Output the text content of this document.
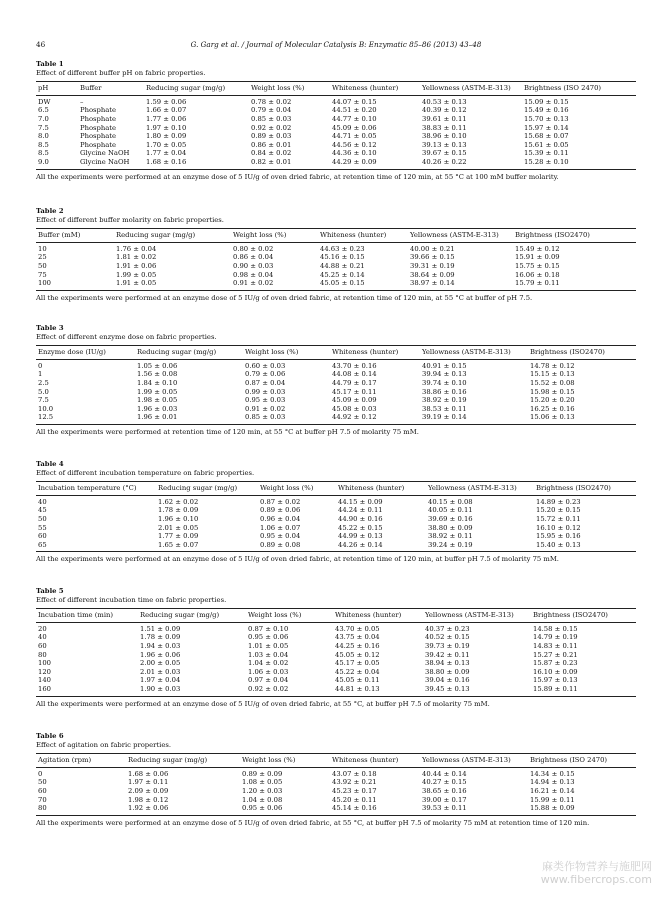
46	G. Garg et al. / Journal of Molecular Catalysis B: Enzymatic 85–86 (2013) 43–48
Table 1
Effect of different buffer pH on fabric properties.
pH	Buffer	Reducing sugar (mg/g)	Weight loss (%)	Whiteness (hunter)	Yellowness (ASTM-E-313)	Brightness (ISO 2470)
DW	–	1.59 ± 0.06	0.78 ± 0.02	44.07 ± 0.15	40.53 ± 0.13	15.09 ± 0.15
6.5	Phosphate	1.66 ± 0.07	0.79 ± 0.04	44.51 ± 0.20	40.39 ± 0.12	15.49 ± 0.16
7.0	Phosphate	1.77 ± 0.06	0.85 ± 0.03	44.77 ± 0.10	39.61 ± 0.11	15.70 ± 0.13
7.5	Phosphate	1.97 ± 0.10	0.92 ± 0.02	45.09 ± 0.06	38.83 ± 0.11	15.97 ± 0.14
8.0	Phosphate	1.80 ± 0.09	0.89 ± 0.03	44.71 ± 0.05	38.96 ± 0.10	15.68 ± 0.07
8.5	Phosphate	1.70 ± 0.05	0.86 ± 0.01	44.56 ± 0.12	39.13 ± 0.13	15.61 ± 0.05
8.5	Glycine NaOH	1.77 ± 0.04	0.84 ± 0.02	44.36 ± 0.10	39.67 ± 0.15	15.39 ± 0.11
9.0	Glycine NaOH	1.68 ± 0.16	0.82 ± 0.01	44.29 ± 0.09	40.26 ± 0.22	15.28 ± 0.10
All the experiments were performed at an enzyme dose of 5 IU/g of oven dried fabric, at retention time of 120 min, at 55 °C at 100 mM buffer molarity.
Table 2
Effect of different buffer molarity on fabric properties.
Buffer (mM)	Reducing sugar (mg/g)	Weight loss (%)	Whiteness (hunter)	Yellowness (ASTM-E-313)	Brightness (ISO2470)
10	1.76 ± 0.04	0.80 ± 0.02	44.63 ± 0.23	40.00 ± 0.21	15.49 ± 0.12
25	1.81 ± 0.02	0.86 ± 0.04	45.16 ± 0.15	39.66 ± 0.15	15.91 ± 0.09
50	1.91 ± 0.06	0.90 ± 0.03	44.88 ± 0.21	39.31 ± 0.19	15.75 ± 0.15
75	1.99 ± 0.05	0.98 ± 0.04	45.25 ± 0.14	38.64 ± 0.09	16.06 ± 0.18
100	1.91 ± 0.05	0.91 ± 0.02	45.05 ± 0.15	38.97 ± 0.14	15.79 ± 0.11
All the experiments were performed at an enzyme dose of 5 IU/g of oven dried fabric, at retention time of 120 min, at 55 °C at buffer of pH 7.5.
Table 3
Effect of different enzyme dose on fabric properties.
Enzyme dose (IU/g)	Reducing sugar (mg/g)	Weight loss (%)	Whiteness (hunter)	Yellowness (ASTM-E-313)	Brightness (ISO2470)
0	1.05 ± 0.06	0.60 ± 0.03	43.70 ± 0.16	40.91 ± 0.15	14.78 ± 0.12
1	1.56 ± 0.08	0.79 ± 0.06	44.08 ± 0.14	39.94 ± 0.13	15.15 ± 0.13
2.5	1.84 ± 0.10	0.87 ± 0.04	44.79 ± 0.17	39.74 ± 0.10	15.52 ± 0.08
5.0	1.99 ± 0.05	0.99 ± 0.03	45.17 ± 0.11	38.86 ± 0.16	15.98 ± 0.15
7.5	1.98 ± 0.05	0.95 ± 0.03	45.09 ± 0.09	38.92 ± 0.19	15.20 ± 0.20
10.0	1.96 ± 0.03	0.91 ± 0.02	45.08 ± 0.03	38.53 ± 0.11	16.25 ± 0.16
12.5	1.96 ± 0.01	0.85 ± 0.03	44.92 ± 0.12	39.19 ± 0.14	15.06 ± 0.13
All the experiments were performed at retention time of 120 min, at 55 °C at buffer pH 7.5 of molarity 75 mM.
Table 4
Effect of different incubation temperature on fabric properties.
Incubation temperature (°C)	Reducing sugar (mg/g)	Weight loss (%)	Whiteness (hunter)	Yellowness (ASTM-E-313)	Brightness (ISO2470)
40	1.62 ± 0.02	0.87 ± 0.02	44.15 ± 0.09	40.15 ± 0.08	14.89 ± 0.23
45	1.78 ± 0.09	0.89 ± 0.06	44.24 ± 0.11	40.05 ± 0.11	15.20 ± 0.15
50	1.96 ± 0.10	0.96 ± 0.04	44.90 ± 0.16	39.69 ± 0.16	15.72 ± 0.11
55	2.01 ± 0.05	1.06 ± 0.07	45.22 ± 0.15	38.80 ± 0.09	16.10 ± 0.12
60	1.77 ± 0.09	0.95 ± 0.04	44.99 ± 0.13	38.92 ± 0.11	15.95 ± 0.16
65	1.65 ± 0.07	0.89 ± 0.08	44.26 ± 0.14	39.24 ± 0.19	15.40 ± 0.13
All the experiments were performed at an enzyme dose of 5 IU/g of oven dried fabric, at retention time of 120 min, at buffer pH 7.5 of molarity 75 mM.
Table 5
Effect of different incubation time on fabric properties.
Incubation time (min)	Reducing sugar (mg/g)	Weight loss (%)	Whiteness (hunter)	Yellowness (ASTM-E-313)	Brightness (ISO2470)
20	1.51 ± 0.09	0.87 ± 0.10	43.70 ± 0.05	40.37 ± 0.23	14.58 ± 0.15
40	1.78 ± 0.09	0.95 ± 0.06	43.75 ± 0.04	40.52 ± 0.15	14.79 ± 0.19
60	1.94 ± 0.03	1.01 ± 0.05	44.25 ± 0.16	39.73 ± 0.19	14.83 ± 0.11
80	1.96 ± 0.06	1.03 ± 0.04	45.05 ± 0.12	39.42 ± 0.11	15.27 ± 0.21
100	2.00 ± 0.05	1.04 ± 0.02	45.17 ± 0.05	38.94 ± 0.13	15.87 ± 0.23
120	2.01 ± 0.03	1.06 ± 0.03	45.22 ± 0.04	38.80 ± 0.09	16.10 ± 0.09
140	1.97 ± 0.04	0.97 ± 0.04	45.05 ± 0.11	39.04 ± 0.16	15.97 ± 0.13
160	1.90 ± 0.03	0.92 ± 0.02	44.81 ± 0.13	39.45 ± 0.13	15.89 ± 0.11
All the experiments were performed at an enzyme dose of 5 IU/g of oven dried fabric, at 55 °C, at buffer pH 7.5 of molarity 75 mM.
Table 6
Effect of agitation on fabric properties.
Agitation (rpm)	Reducing sugar (mg/g)	Weight loss (%)	Whiteness (hunter)	Yellowness (ASTM-E-313)	Brightness (ISO 2470)
0	1.68 ± 0.06	0.89 ± 0.09	43.07 ± 0.18	40.44 ± 0.14	14.34 ± 0.15
50	1.97 ± 0.11	1.08 ± 0.05	43.92 ± 0.21	40.27 ± 0.15	14.94 ± 0.13
60	2.09 ± 0.09	1.20 ± 0.03	45.23 ± 0.17	38.65 ± 0.16	16.21 ± 0.14
70	1.98 ± 0.12	1.04 ± 0.08	45.20 ± 0.11	39.00 ± 0.17	15.99 ± 0.11
80	1.92 ± 0.06	0.95 ± 0.06	45.14 ± 0.16	39.53 ± 0.11	15.88 ± 0.09
All the experiments were performed at an enzyme dose of 5 IU/g of oven dried fabric, at 55 °C, at buffer pH 7.5 of molarity 75 mM at retention time of 120 min.
麻类作物营养与施肥网
www.fibercrops.com
